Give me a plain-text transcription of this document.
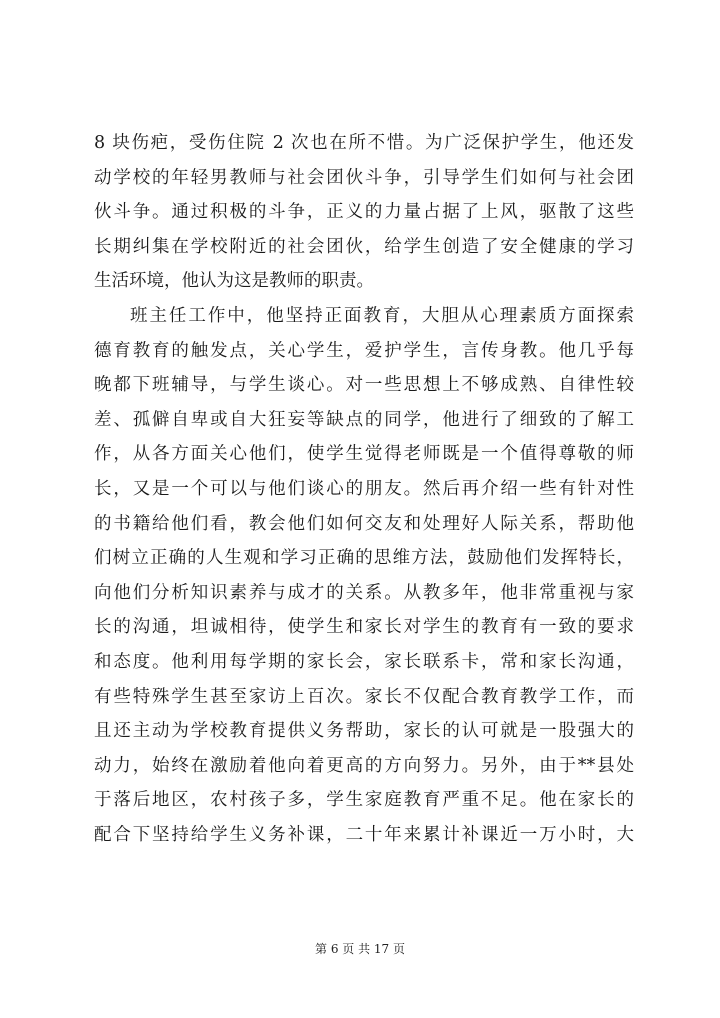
8 块伤疤，受伤住院 2 次也在所不惜。为广泛保护学生，他还发
动学校的年轻男教师与社会团伙斗争，引导学生们如何与社会团
伙斗争。通过积极的斗争，正义的力量占据了上风，驱散了这些
长期纠集在学校附近的社会团伙，给学生创造了安全健康的学习
生活环境，他认为这是教师的职责。
班主任工作中，他坚持正面教育，大胆从心理素质方面探索
德育教育的触发点，关心学生，爱护学生，言传身教。他几乎每
晚都下班辅导，与学生谈心。对一些思想上不够成熟、自律性较
差、孤僻自卑或自大狂妄等缺点的同学，他进行了细致的了解工
作，从各方面关心他们，使学生觉得老师既是一个值得尊敬的师
长，又是一个可以与他们谈心的朋友。然后再介绍一些有针对性
的书籍给他们看，教会他们如何交友和处理好人际关系，帮助他
们树立正确的人生观和学习正确的思维方法，鼓励他们发挥特长，
向他们分析知识素养与成才的关系。从教多年，他非常重视与家
长的沟通，坦诚相待，使学生和家长对学生的教育有一致的要求
和态度。他利用每学期的家长会，家长联系卡，常和家长沟通，
有些特殊学生甚至家访上百次。家长不仅配合教育教学工作，而
且还主动为学校教育提供义务帮助，家长的认可就是一股强大的
动力，始终在激励着他向着更高的方向努力。另外，由于**县处
于落后地区，农村孩子多，学生家庭教育严重不足。他在家长的
配合下坚持给学生义务补课，二十年来累计补课近一万小时，大
第 6 页 共 17 页
